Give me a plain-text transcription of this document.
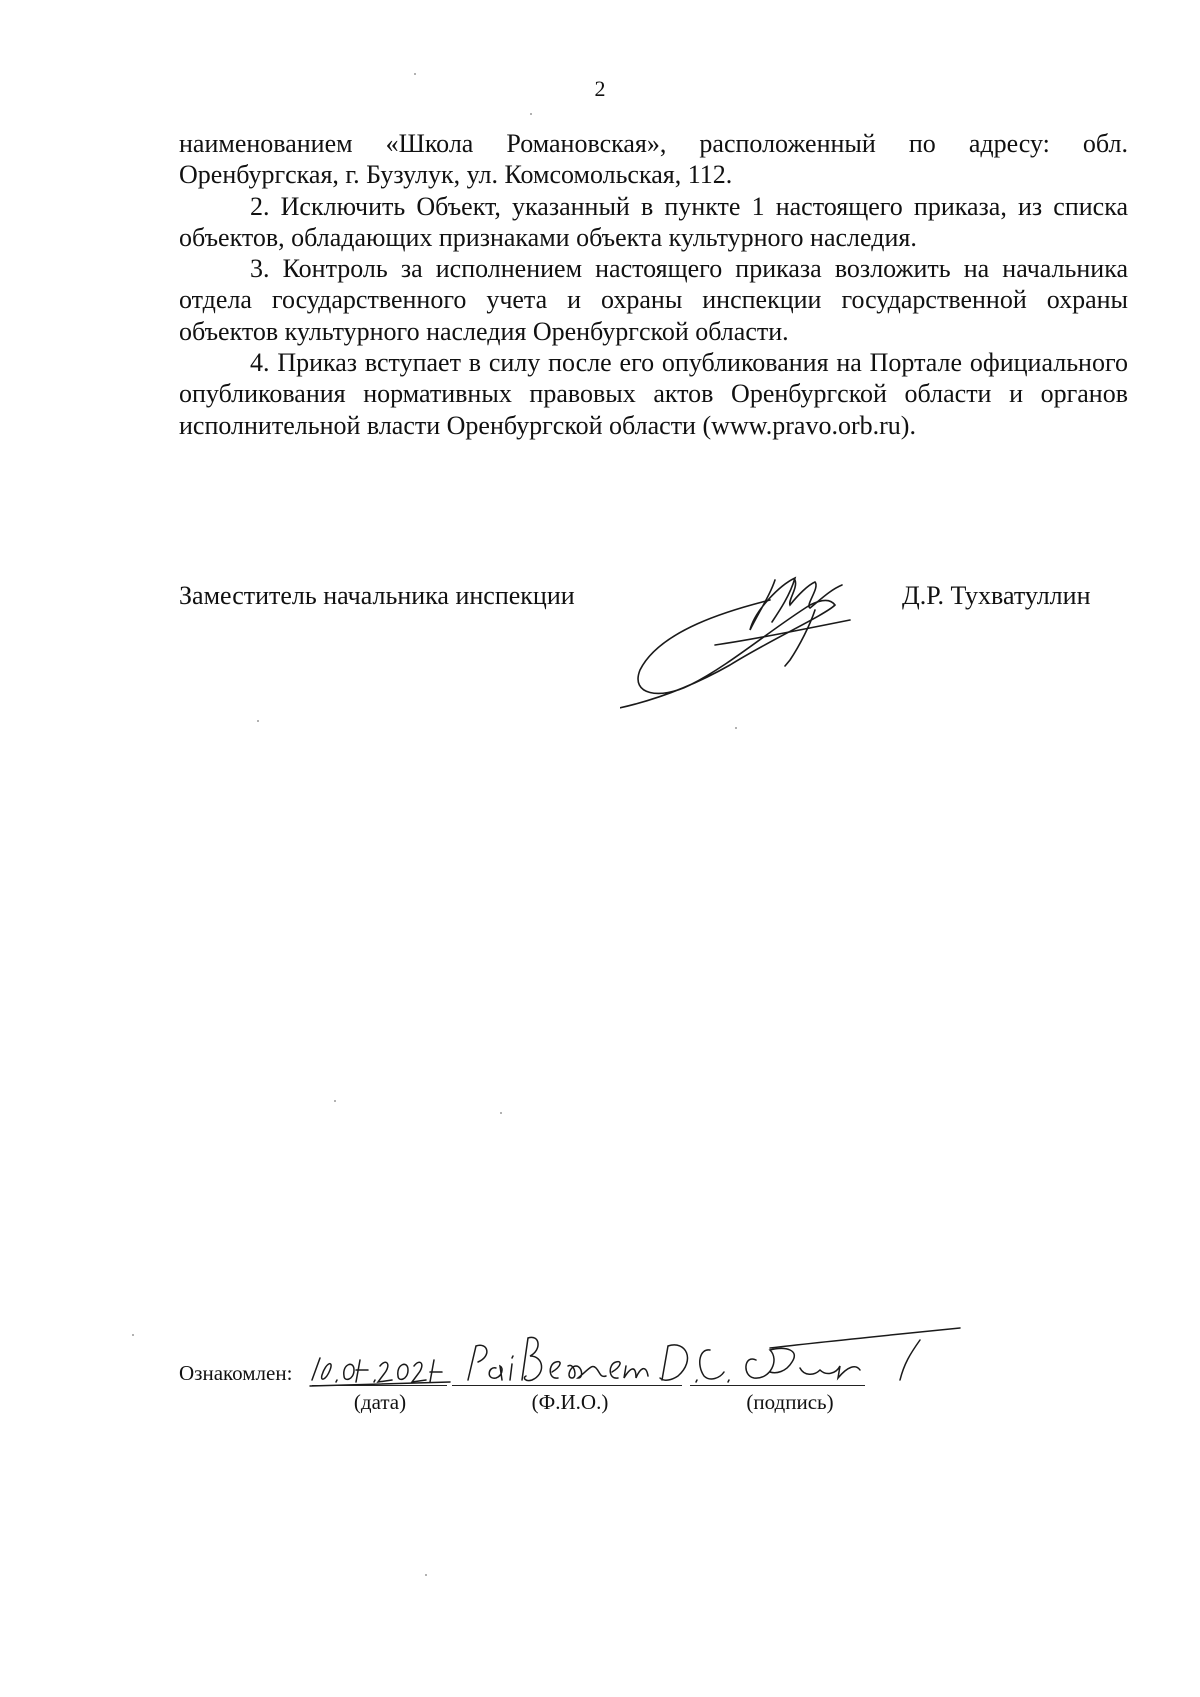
2

наименованием «Школа Романовская», расположенный по адресу: обл. Оренбургская, г. Бузулук, ул. Комсомольская, 112.

2. Исключить Объект, указанный в пункте 1 настоящего приказа, из списка объектов, обладающих признаками объекта культурного наследия.

3. Контроль за исполнением настоящего приказа возложить на начальника отдела государственного учета и охраны инспекции государственной охраны объектов культурного наследия Оренбургской области.

4. Приказ вступает в силу после его опубликования на Портале официального опубликования нормативных правовых актов Оренбургской области и органов исполнительной власти Оренбургской области (www.pravo.orb.ru).

Заместитель начальника инспекции	Д.Р. Тухватуллин
Ознакомлен:
(дата)	(Ф.И.О.)	(подпись)
